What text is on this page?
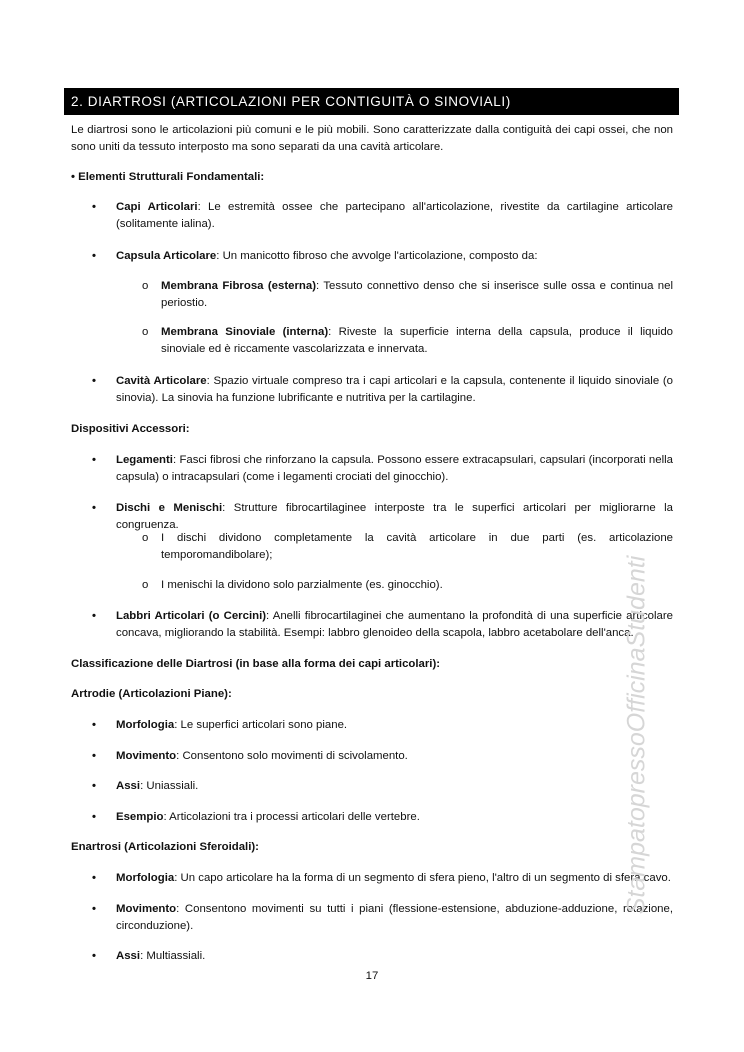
2. DIARTROSI (ARTICOLAZIONI PER CONTIGUITÀ O SINOVIALI)
Le diartrosi sono le articolazioni più comuni e le più mobili. Sono caratterizzate dalla contiguità dei capi ossei, che non sono uniti da tessuto interposto ma sono separati da una cavità articolare.
• Elementi Strutturali Fondamentali:
• Capi Articolari: Le estremità ossee che partecipano all'articolazione, rivestite da cartilagine articolare (solitamente ialina).
• Capsula Articolare: Un manicotto fibroso che avvolge l'articolazione, composto da:
o Membrana Fibrosa (esterna): Tessuto connettivo denso che si inserisce sulle ossa e continua nel periostio.
o Membrana Sinoviale (interna): Riveste la superficie interna della capsula, produce il liquido sinoviale ed è riccamente vascolarizzata e innervata.
• Cavità Articolare: Spazio virtuale compreso tra i capi articolari e la capsula, contenente il liquido sinoviale (o sinovia). La sinovia ha funzione lubrificante e nutritiva per la cartilagine.
Dispositivi Accessori:
• Legamenti: Fasci fibrosi che rinforzano la capsula. Possono essere extracapsulari, capsulari (incorporati nella capsula) o intracapsulari (come i legamenti crociati del ginocchio).
• Dischi e Menischi: Strutture fibrocartilaginee interposte tra le superfici articolari per migliorarne la congruenza.
o I dischi dividono completamente la cavità articolare in due parti (es. articolazione temporomandibolare);
o I menischi la dividono solo parzialmente (es. ginocchio).
• Labbri Articolari (o Cercini): Anelli fibrocartilaginei che aumentano la profondità di una superficie articolare concava, migliorando la stabilità. Esempi: labbro glenoideo della scapola, labbro acetabolare dell'anca.
Classificazione delle Diartrosi (in base alla forma dei capi articolari):
Artrodie (Articolazioni Piane):
• Morfologia: Le superfici articolari sono piane.
• Movimento: Consentono solo movimenti di scivolamento.
• Assi: Uniassiali.
• Esempio: Articolazioni tra i processi articolari delle vertebre.
Enartrosi (Articolazioni Sferoidali):
• Morfologia: Un capo articolare ha la forma di un segmento di sfera pieno, l'altro di un segmento di sfera cavo.
• Movimento: Consentono movimenti su tutti i piani (flessione-estensione, abduzione-adduzione, rotazione, circonduzione).
• Assi: Multiassiali.
17
StampatopressoOfficinaStudenti
